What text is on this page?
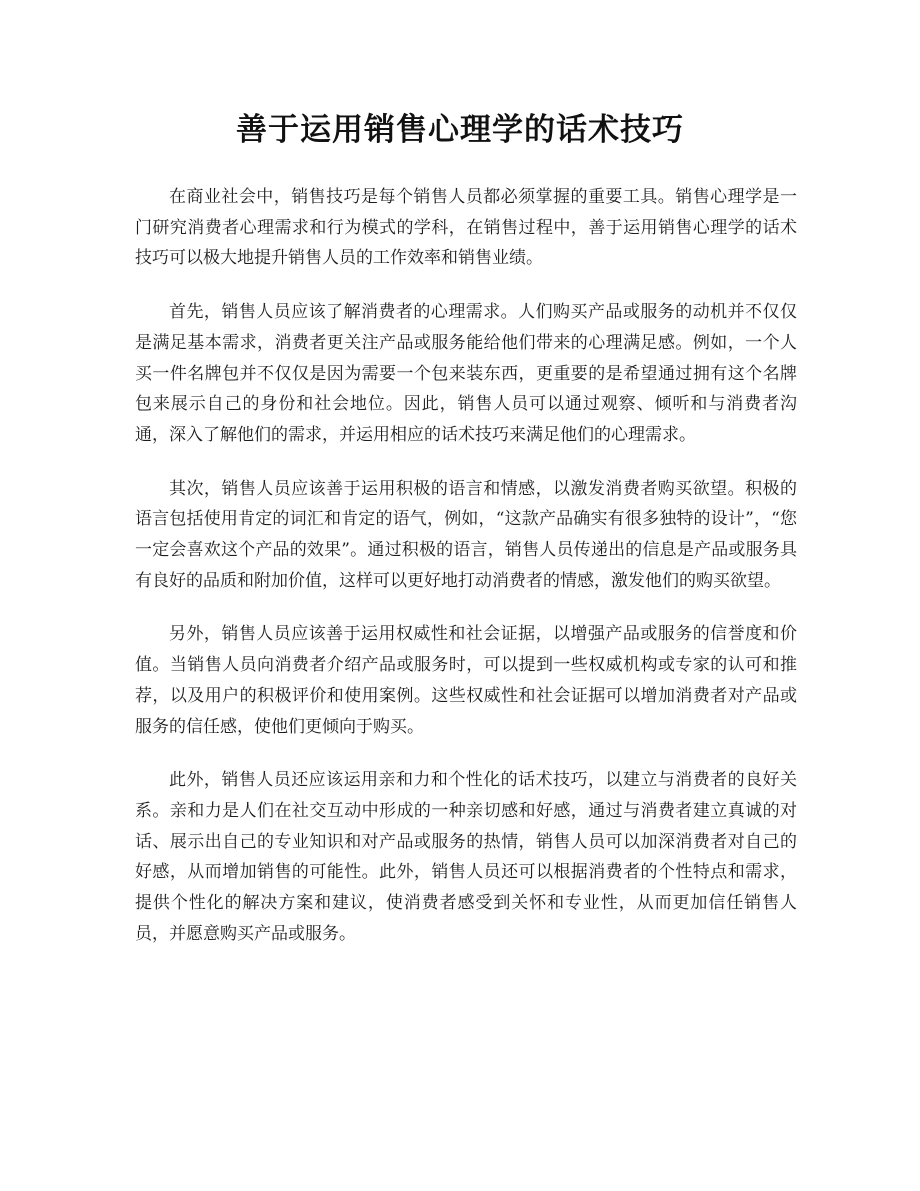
善于运用销售心理学的话术技巧

在商业社会中，销售技巧是每个销售人员都必须掌握的重要工具。销售心理学是一门研究消费者心理需求和行为模式的学科，在销售过程中，善于运用销售心理学的话术技巧可以极大地提升销售人员的工作效率和销售业绩。

首先，销售人员应该了解消费者的心理需求。人们购买产品或服务的动机并不仅仅是满足基本需求，消费者更关注产品或服务能给他们带来的心理满足感。例如，一个人买一件名牌包并不仅仅是因为需要一个包来装东西，更重要的是希望通过拥有这个名牌包来展示自己的身份和社会地位。因此，销售人员可以通过观察、倾听和与消费者沟通，深入了解他们的需求，并运用相应的话术技巧来满足他们的心理需求。

其次，销售人员应该善于运用积极的语言和情感，以激发消费者购买欲望。积极的语言包括使用肯定的词汇和肯定的语气，例如，“这款产品确实有很多独特的设计”，“您一定会喜欢这个产品的效果”。通过积极的语言，销售人员传递出的信息是产品或服务具有良好的品质和附加价值，这样可以更好地打动消费者的情感，激发他们的购买欲望。

另外，销售人员应该善于运用权威性和社会证据，以增强产品或服务的信誉度和价值。当销售人员向消费者介绍产品或服务时，可以提到一些权威机构或专家的认可和推荐，以及用户的积极评价和使用案例。这些权威性和社会证据可以增加消费者对产品或服务的信任感，使他们更倾向于购买。

此外，销售人员还应该运用亲和力和个性化的话术技巧，以建立与消费者的良好关系。亲和力是人们在社交互动中形成的一种亲切感和好感，通过与消费者建立真诚的对话、展示出自己的专业知识和对产品或服务的热情，销售人员可以加深消费者对自己的好感，从而增加销售的可能性。此外，销售人员还可以根据消费者的个性特点和需求，提供个性化的解决方案和建议，使消费者感受到关怀和专业性，从而更加信任销售人员，并愿意购买产品或服务。
